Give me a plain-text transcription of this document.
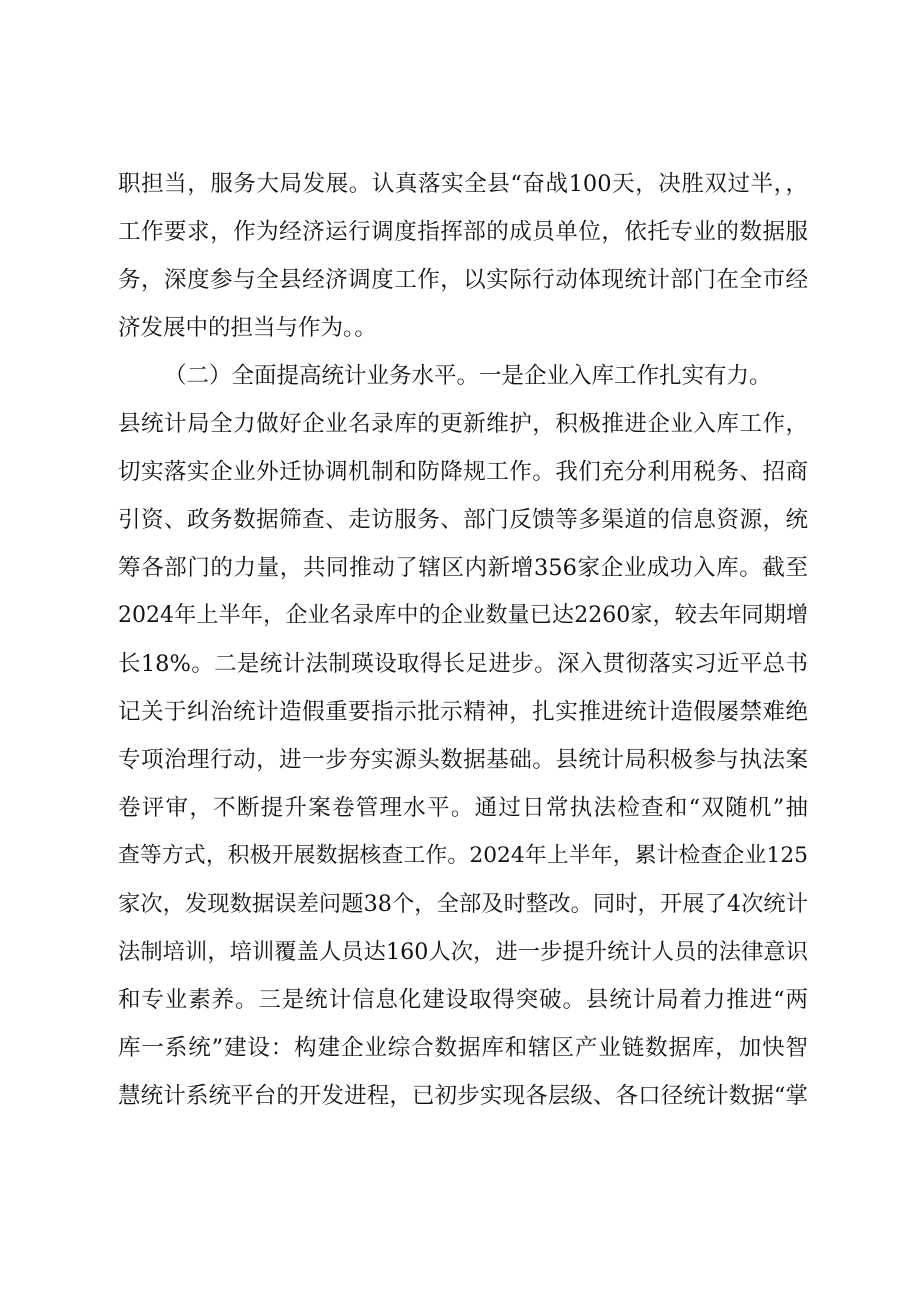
职担当，服务大局发展。认真落实全县“奋战100天，决胜双过半，，
工作要求，作为经济运行调度指挥部的成员单位，依托专业的数据服
务，深度参与全县经济调度工作，以实际行动体现统计部门在全市经
济发展中的担当与作为。。
（二）全面提高统计业务水平。一是企业入库工作扎实有力。
县统计局全力做好企业名录库的更新维护，积极推进企业入库工作，
切实落实企业外迁协调机制和防降规工作。我们充分利用税务、招商
引资、政务数据筛查、走访服务、部门反馈等多渠道的信息资源，统
筹各部门的力量，共同推动了辖区内新增356家企业成功入库。截至
2024年上半年，企业名录库中的企业数量已达2260家，较去年同期增
长18%。二是统计法制瑛设取得长足进步。深入贯彻落实习近平总书
记关于纠治统计造假重要指示批示精神，扎实推进统计造假屡禁难绝
专项治理行动，进一步夯实源头数据基础。县统计局积极参与执法案
卷评审，不断提升案卷管理水平。通过日常执法检查和“双随机”抽
查等方式，积极开展数据核查工作。2024年上半年，累计检查企业125
家次，发现数据误差问题38个，全部及时整改。同时，开展了4次统计
法制培训，培训覆盖人员达160人次，进一步提升统计人员的法律意识
和专业素养。三是统计信息化建设取得突破。县统计局着力推进“两
库一系统”建设：构建企业综合数据库和辖区产业链数据库，加快智
慧统计系统平台的开发进程，已初步实现各层级、各口径统计数据“掌
